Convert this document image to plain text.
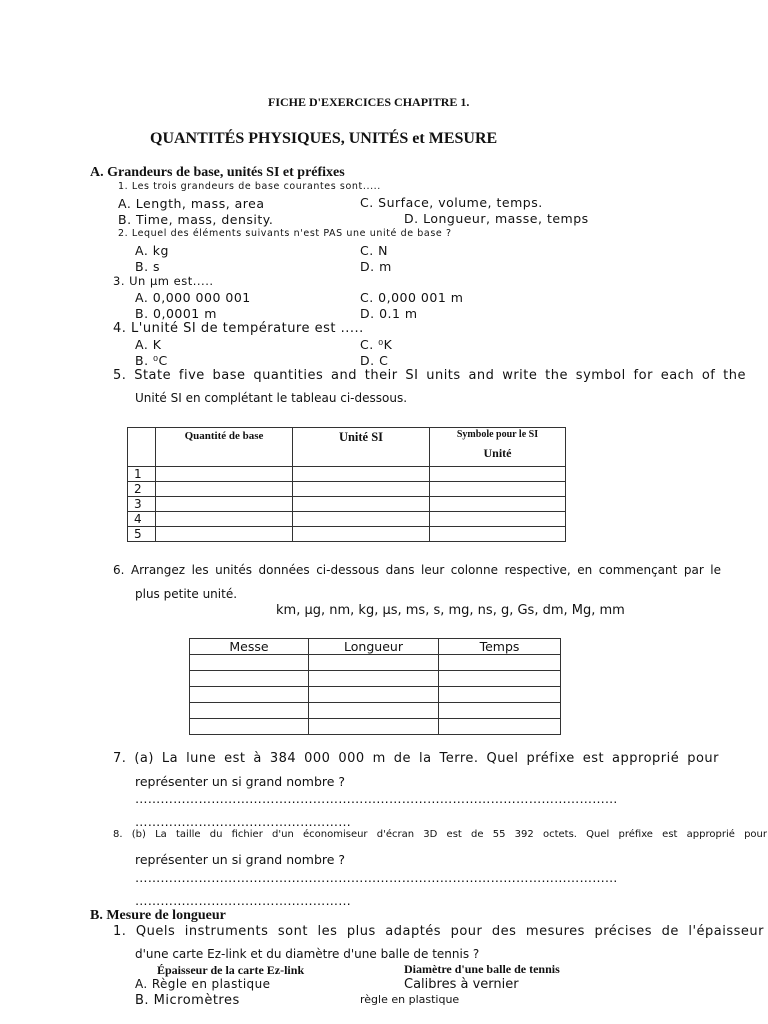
FICHE D'EXERCICES CHAPITRE 1.
QUANTITÉS PHYSIQUES, UNITÉS et MESURE
A. Grandeurs de base, unités SI et préfixes
1. Les trois grandeurs de base courantes sont.....
A. Length, mass, area	C. Surface, volume, temps.
B. Time, mass, density.	D. Longueur, masse, temps
2. Lequel des éléments suivants n'est PAS une unité de base ?
A. kg	C. N
B. s	D. m
3. Un μm est.....
A. 0,000 000 001	C. 0,000 001 m
B. 0,0001 m	D. 0.1 m
4. L'unité SI de température est .....
A. K	C. ⁰K
B. ⁰C	D. C
5. State five base quantities and their SI units and write the symbol for each of the
Unité SI en complétant le tableau ci-dessous.

	Quantité de base	Unité SI	Symbole pour le SI
Unité

1			
2			
3			
4			
5			
6. Arrangez les unités données ci-dessous dans leur colonne respective, en commençant par le
plus petite unité.
km, μg, nm, kg, μs, ms, s, mg, ns, g, Gs, dm, Mg, mm
Messe	Longueur	Temps

7. (a) La lune est à 384 000 000 m de la Terre. Quel préfixe est approprié pour
représenter un si grand nombre ?
……………………………………………………………………………………………………
……………………………………………
8. (b) La taille du fichier d'un économiseur d'écran 3D est de 55 392 octets. Quel préfixe est approprié pour
représenter un si grand nombre ?
……………………………………………………………………………………………………
……………………………………………
B. Mesure de longueur
1. Quels instruments sont les plus adaptés pour des mesures précises de l'épaisseur
d'une carte Ez-link et du diamètre d'une balle de tennis ?
Épaisseur de la carte Ez-link	Diamètre d'une balle de tennis
A. Règle en plastique	Calibres à vernier
B. Micromètres	règle en plastique
